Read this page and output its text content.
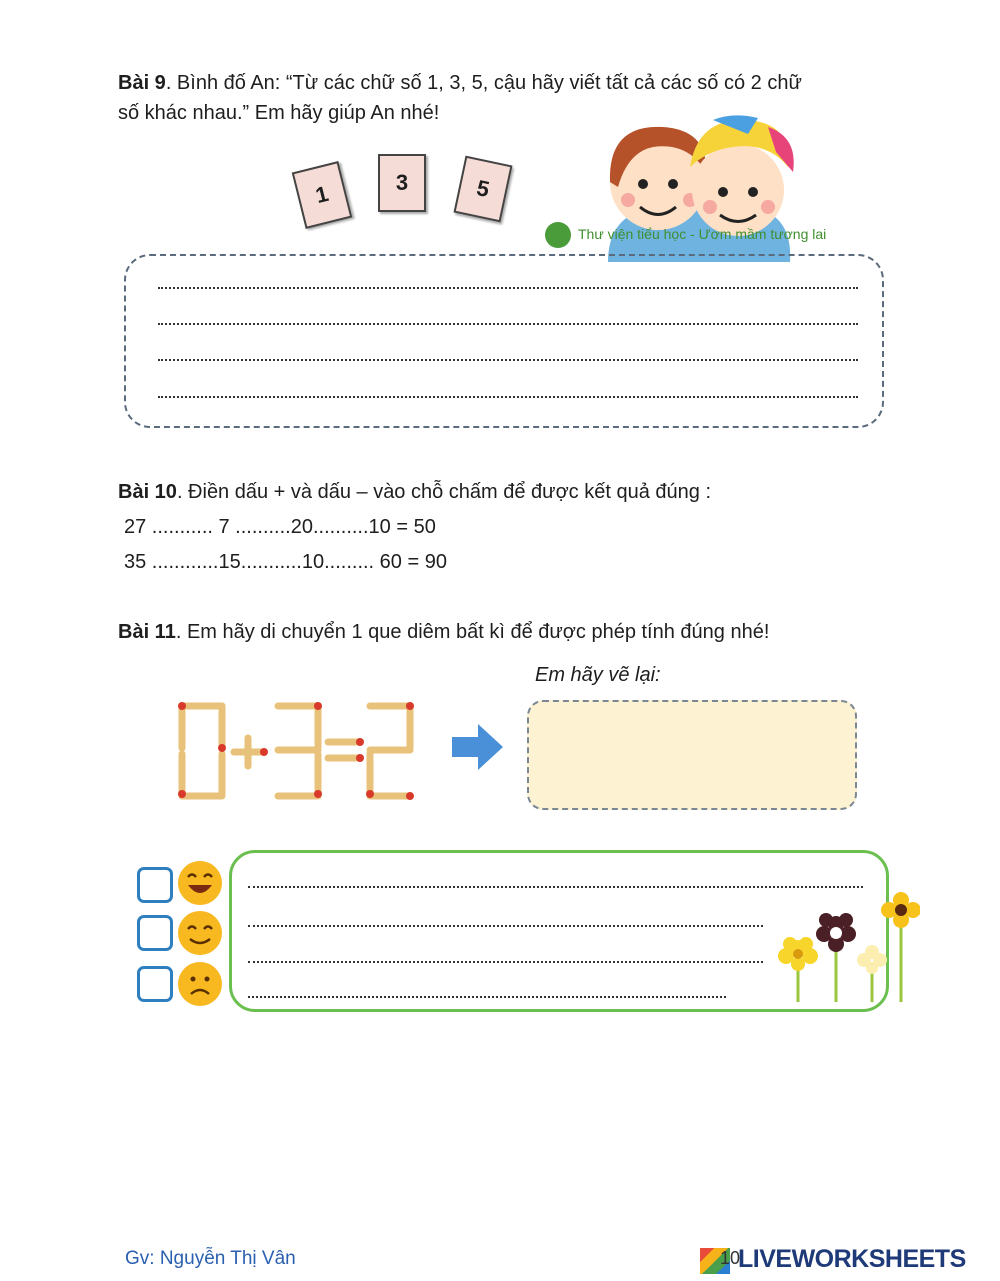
Bài 9. Bình đố An: “Từ các chữ số 1, 3, 5, cậu hãy viết tất cả các số có 2 chữ
số khác nhau.” Em hãy giúp An nhé!
1	3	5
Thư viện tiểu học - Ươm mầm tương lai
Bài 10. Điền dấu + và dấu – vào chỗ chấm để được kết quả đúng :
27 ........... 7 ..........20..........10 = 50
35 ............15...........10......... 60 = 90
Bài 11. Em hãy di chuyển 1 que diêm bất kì để được phép tính đúng nhé!
Em hãy vẽ lại:
Gv: Nguyễn Thị Vân	10
LIVEWORKSHEETS
